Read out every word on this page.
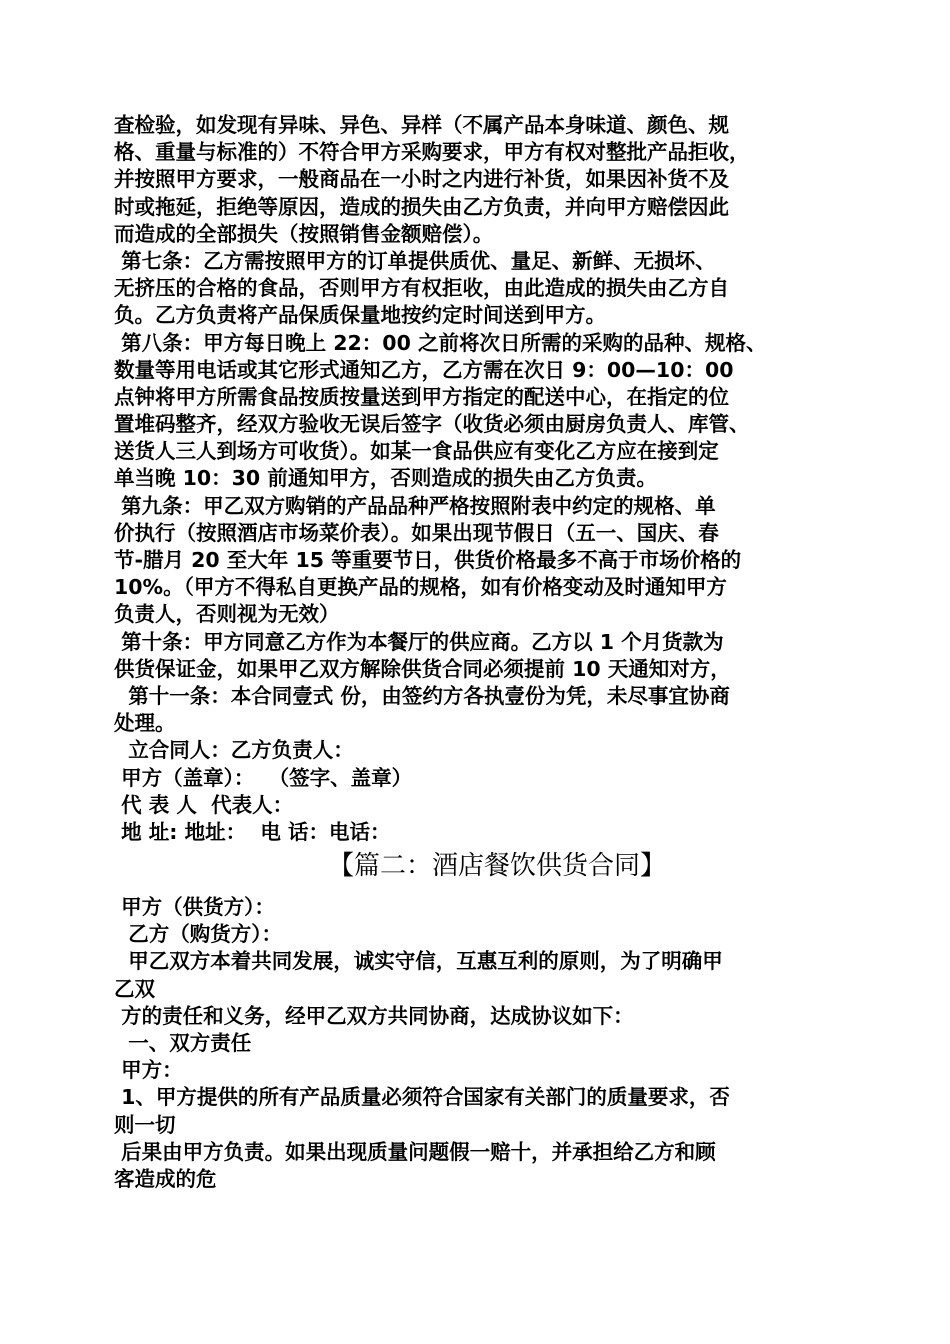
查检验，如发现有异味、异色、异样（不属产品本身味道、颜色、规
格、重量与标准的）不符合甲方采购要求，甲方有权对整批产品拒收，
并按照甲方要求，一般商品在一小时之内进行补货，如果因补货不及
时或拖延，拒绝等原因，造成的损失由乙方负责，并向甲方赔偿因此
而造成的全部损失（按照销售金额赔偿）。
第七条：乙方需按照甲方的订单提供质优、量足、新鲜、无损坏、
无挤压的合格的食品，否则甲方有权拒收，由此造成的损失由乙方自
负。乙方负责将产品保质保量地按约定时间送到甲方。
第八条：甲方每日晚上 22：00 之前将次日所需的采购的品种、规格、
数量等用电话或其它形式通知乙方，乙方需在次日 9：00—10：00
点钟将甲方所需食品按质按量送到甲方指定的配送中心，在指定的位
置堆码整齐，经双方验收无误后签字（收货必须由厨房负责人、库管、
送货人三人到场方可收货）。如某一食品供应有变化乙方应在接到定
单当晚 10：30 前通知甲方，否则造成的损失由乙方负责。
第九条：甲乙双方购销的产品品种严格按照附表中约定的规格、单
价执行（按照酒店市场菜价表）。如果出现节假日（五一、国庆、春
节-腊月 20 至大年 15 等重要节日，供货价格最多不高于市场价格的
10%。（甲方不得私自更换产品的规格，如有价格变动及时通知甲方
负责人，否则视为无效）
第十条：甲方同意乙方作为本餐厅的供应商。乙方以 1 个月货款为
供货保证金，如果甲乙双方解除供货合同必须提前 10 天通知对方，
第十一条：本合同壹式 份，由签约方各执壹份为凭，未尽事宜协商
处理。
立合同人：乙方负责人：
甲方（盖章）：  （签字、盖章）
代 表 人  代表人：
地 址: 地址：  电 话：电话：
【篇二：酒店餐饮供货合同】
甲方（供货方）：
乙方（购货方）：
甲乙双方本着共同发展，诚实守信，互惠互利的原则，为了明确甲
乙双
方的责任和义务，经甲乙双方共同协商，达成协议如下：
一、双方责任
甲方：
1、甲方提供的所有产品质量必须符合国家有关部门的质量要求，否
则一切
后果由甲方负责。如果出现质量问题假一赔十，并承担给乙方和顾
客造成的危
